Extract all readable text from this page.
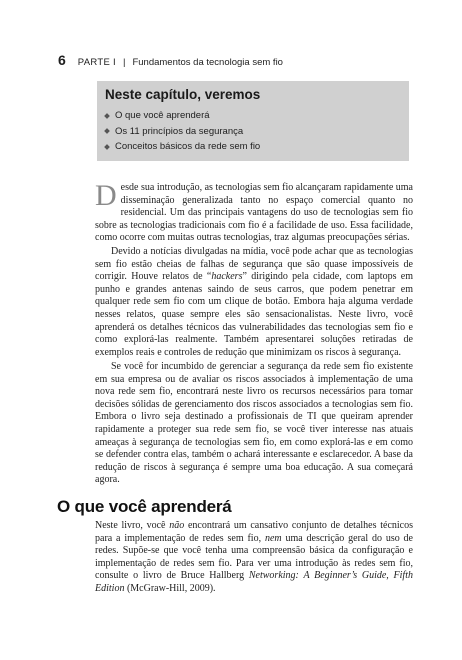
6 PARTE I | Fundamentos da tecnologia sem fio
Neste capítulo, veremos
O que você aprenderá
Os 11 princípios da segurança
Conceitos básicos da rede sem fio

Desde sua introdução, as tecnologias sem fio alcançaram rapidamente uma disseminação generalizada tanto no espaço comercial quanto no residencial. Um das principais vantagens do uso de tecnologias sem fio sobre as tecnologias tradicionais com fio é a facilidade de uso. Essa facilidade, como ocorre com muitas outras tecnologias, traz algumas preocupações sérias.

Devido a notícias divulgadas na mídia, você pode achar que as tecnologias sem fio estão cheias de falhas de segurança que são quase impossíveis de corrigir. Houve relatos de “hackers” dirigindo pela cidade, com laptops em punho e grandes antenas saindo de seus carros, que podem penetrar em qualquer rede sem fio com um clique de botão. Embora haja alguma verdade nesses relatos, quase sempre eles são sensacionalistas. Neste livro, você aprenderá os detalhes técnicos das vulnerabilidades das tecnologias sem fio e como explorá-las realmente. Também apresentarei soluções retiradas de exemplos reais e controles de redução que minimizam os riscos à segurança.

Se você for incumbido de gerenciar a segurança da rede sem fio existente em sua empresa ou de avaliar os riscos associados à implementação de uma nova rede sem fio, encontrará neste livro os recursos necessários para tomar decisões sólidas de gerenciamento dos riscos associados a tecnologias sem fio. Embora o livro seja destinado a profissionais de TI que queiram aprender rapidamente a proteger sua rede sem fio, se você tiver interesse nas atuais ameaças à segurança de tecnologias sem fio, em como explorá-las e em como se defender contra elas, também o achará interessante e esclarecedor. A base da redução de riscos à segurança é sempre uma boa educação. A sua começará agora.

O que você aprenderá

Neste livro, você não encontrará um cansativo conjunto de detalhes técnicos para a implementação de redes sem fio, nem uma descrição geral do uso de redes. Supõe-se que você tenha uma compreensão básica da configuração e implementação de redes sem fio. Para ver uma introdução às redes sem fio, consulte o livro de Bruce Hallberg Networking: A Beginner’s Guide, Fifth Edition (McGraw-Hill, 2009).
